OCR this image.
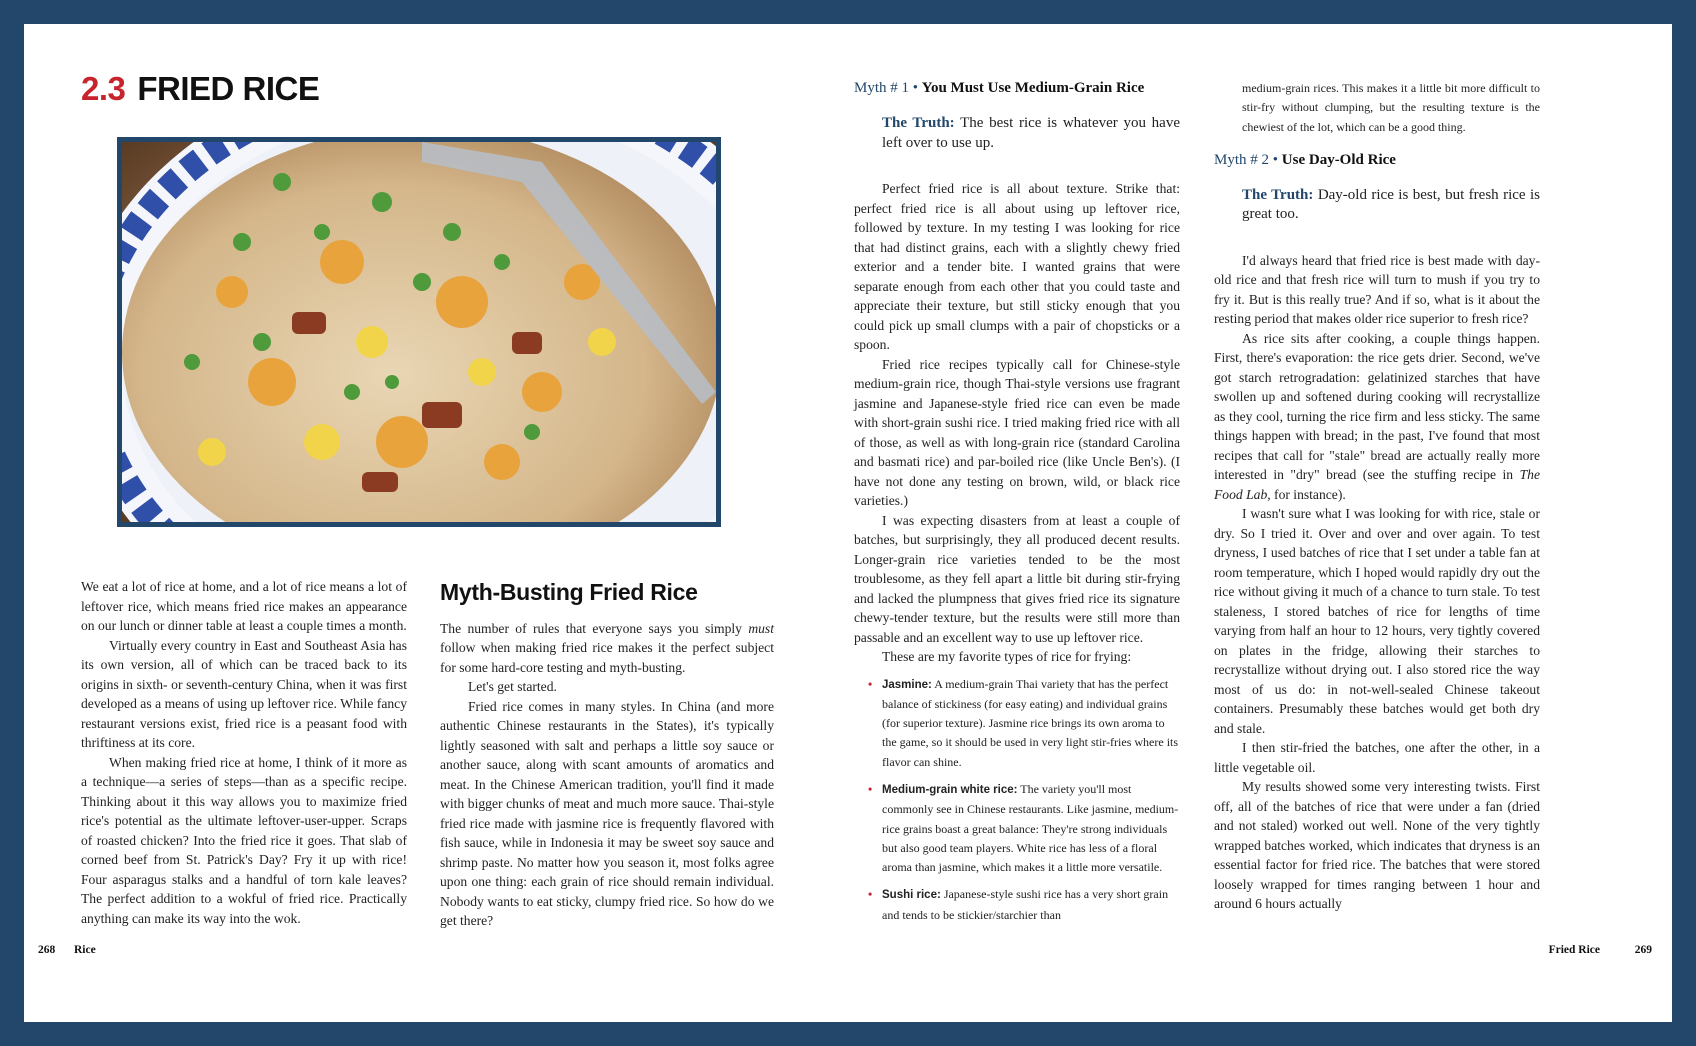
2.3 FRIED RICE

We eat a lot of rice at home, and a lot of rice means a lot of leftover rice, which means fried rice makes an appearance on our lunch or dinner table at least a couple times a month.

Virtually every country in East and Southeast Asia has its own version, all of which can be traced back to its origins in sixth- or seventh-century China, when it was first developed as a means of using up leftover rice. While fancy restaurant versions exist, fried rice is a peasant food with thriftiness at its core.

When making fried rice at home, I think of it more as a technique—a series of steps—than as a specific recipe. Thinking about it this way allows you to maximize fried rice's potential as the ultimate leftover-user-upper. Scraps of roasted chicken? Into the fried rice it goes. That slab of corned beef from St. Patrick's Day? Fry it up with rice! Four asparagus stalks and a handful of torn kale leaves? The perfect addition to a wokful of fried rice. Practically anything can make its way into the wok.

Myth-Busting Fried Rice

The number of rules that everyone says you simply must follow when making fried rice makes it the perfect subject for some hard-core testing and myth-busting.

Let's get started.

Fried rice comes in many styles. In China (and more authentic Chinese restaurants in the States), it's typically lightly seasoned with salt and perhaps a little soy sauce or another sauce, along with scant amounts of aromatics and meat. In the Chinese American tradition, you'll find it made with bigger chunks of meat and much more sauce. Thai-style fried rice made with jasmine rice is frequently flavored with fish sauce, while in Indonesia it may be sweet soy sauce and shrimp paste. No matter how you season it, most folks agree upon one thing: each grain of rice should remain individual. Nobody wants to eat sticky, clumpy fried rice. So how do we get there?

268 Rice
Myth # 1 • You Must Use Medium-Grain Rice
The Truth: The best rice is whatever you have left over to use up.

Perfect fried rice is all about texture. Strike that: perfect fried rice is all about using up leftover rice, followed by texture. In my testing I was looking for rice that had distinct grains, each with a slightly chewy fried exterior and a tender bite. I wanted grains that were separate enough from each other that you could taste and appreciate their texture, but still sticky enough that you could pick up small clumps with a pair of chopsticks or a spoon.

Fried rice recipes typically call for Chinese-style medium-grain rice, though Thai-style versions use fragrant jasmine and Japanese-style fried rice can even be made with short-grain sushi rice. I tried making fried rice with all of those, as well as with long-grain rice (standard Carolina and basmati rice) and par-boiled rice (like Uncle Ben's). (I have not done any testing on brown, wild, or black rice varieties.)

I was expecting disasters from at least a couple of batches, but surprisingly, they all produced decent results. Longer-grain rice varieties tended to be the most troublesome, as they fell apart a little bit during stir-frying and lacked the plumpness that gives fried rice its signature chewy-tender texture, but the results were still more than passable and an excellent way to use up leftover rice.

These are my favorite types of rice for frying:

• Jasmine: A medium-grain Thai variety that has the perfect balance of stickiness (for easy eating) and individual grains (for superior texture). Jasmine rice brings its own aroma to the game, so it should be used in very light stir-fries where its flavor can shine.
• Medium-grain white rice: The variety you'll most commonly see in Chinese restaurants. Like jasmine, medium-rice grains boast a great balance: They're strong individuals but also good team players. White rice has less of a floral aroma than jasmine, which makes it a little more versatile.
• Sushi rice: Japanese-style sushi rice has a very short grain and tends to be stickier/starchier than
medium-grain rices. This makes it a little bit more difficult to stir-fry without clumping, but the resulting texture is the chewiest of the lot, which can be a good thing.
Myth # 2 • Use Day-Old Rice
The Truth: Day-old rice is best, but fresh rice is great too.

I'd always heard that fried rice is best made with day-old rice and that fresh rice will turn to mush if you try to fry it. But is this really true? And if so, what is it about the resting period that makes older rice superior to fresh rice?

As rice sits after cooking, a couple things happen. First, there's evaporation: the rice gets drier. Second, we've got starch retrogradation: gelatinized starches that have swollen up and softened during cooking will recrystallize as they cool, turning the rice firm and less sticky. The same things happen with bread; in the past, I've found that most recipes that call for "stale" bread are actually really more interested in "dry" bread (see the stuffing recipe in The Food Lab, for instance).

I wasn't sure what I was looking for with rice, stale or dry. So I tried it. Over and over and over again. To test dryness, I used batches of rice that I set under a table fan at room temperature, which I hoped would rapidly dry out the rice without giving it much of a chance to turn stale. To test staleness, I stored batches of rice for lengths of time varying from half an hour to 12 hours, very tightly covered on plates in the fridge, allowing their starches to recrystallize without drying out. I also stored rice the way most of us do: in not-well-sealed Chinese takeout containers. Presumably these batches would get both dry and stale.

I then stir-fried the batches, one after the other, in a little vegetable oil.

My results showed some very interesting twists. First off, all of the batches of rice that were under a fan (dried and not staled) worked out well. None of the very tightly wrapped batches worked, which indicates that dryness is an essential factor for fried rice. The batches that were stored loosely wrapped for times ranging between 1 hour and around 6 hours actually

Fried Rice	269
